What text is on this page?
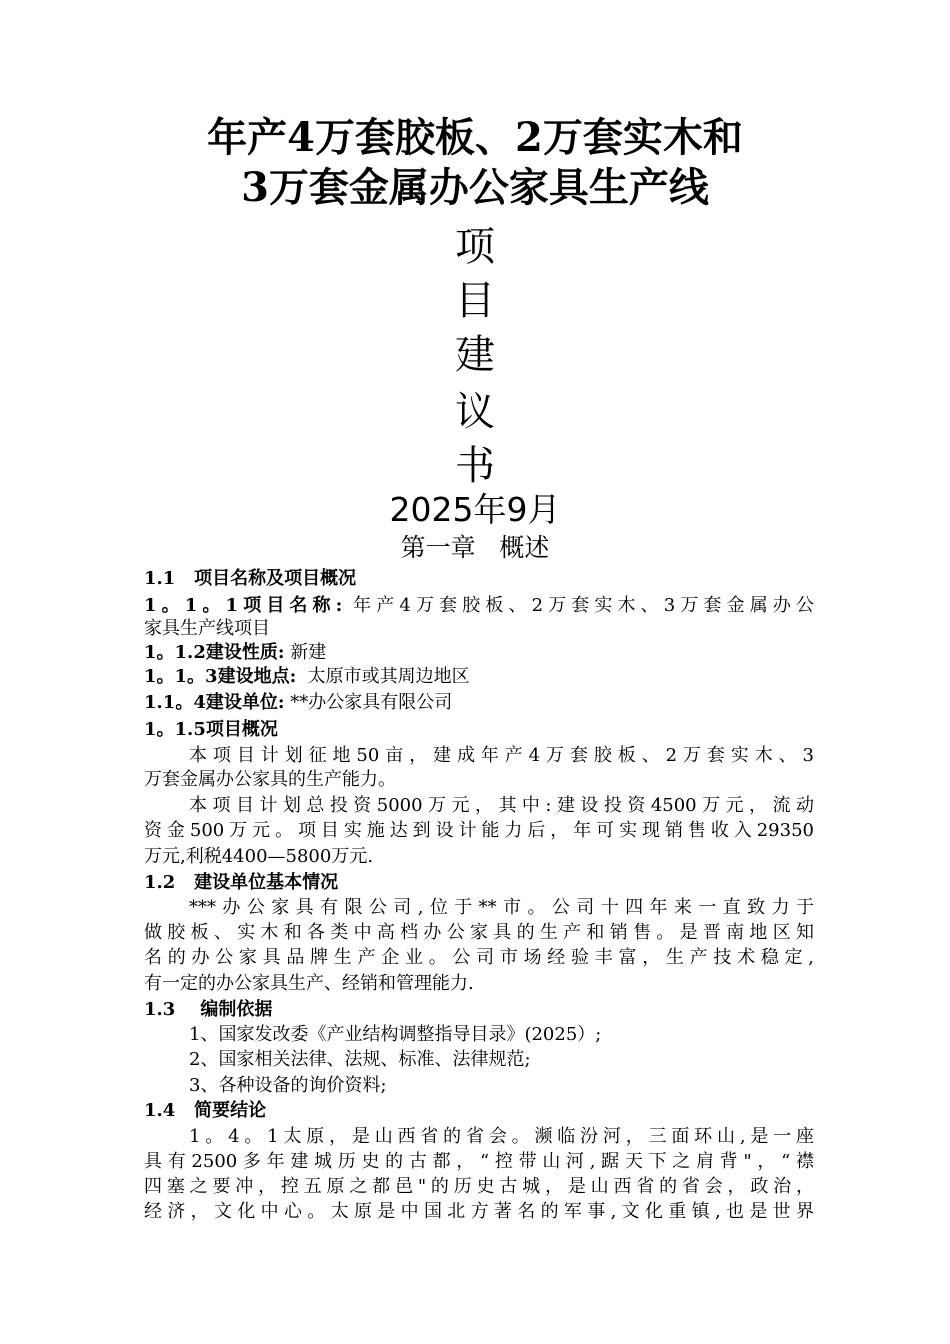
年产4万套胶板、2万套实木和
3万套金属办公家具生产线
项
目
建
议
书
2025年9月
第一章   概述
1.1   项目名称及项目概况
1。1。1项目名称: 年产4万套胶板、2万套实木、3万套金属办公
家具生产线项目
1。1.2建设性质: 新建
1。1。3建设地点:  太原市或其周边地区
1.1。4建设单位: **办公家具有限公司
1。1.5项目概况
本项目计划征地50亩，建成年产4万套胶板、2万套实木、3
万套金属办公家具的生产能力。
本项目计划总投资5000万元，其中:建设投资4500万元，流动
资金500万元。项目实施达到设计能力后，年可实现销售收入29350
万元,利税4400—5800万元.
1.2   建设单位基本情况
***办公家具有限公司,位于**市。公司十四年来一直致力于
做胶板、实木和各类中高档办公家具的生产和销售。是晋南地区知
名的办公家具品牌生产企业。公司市场经验丰富，生产技术稳定,
有一定的办公家具生产、经销和管理能力.
1.3    编制依据
1、国家发改委《产业结构调整指导目录》(2025）;
2、国家相关法律、法规、标准、法律规范;
3、各种设备的询价资料;
1.4   简要结论
1。4。1太原，是山西省的省会。濒临汾河，三面环山,是一座
具有2500多年建城历史的古都，“控带山河,踞天下之肩背"，“襟
四塞之要冲，控五原之都邑"的历史古城，是山西省的省会，政治，
经济，文化中心。太原是中国北方著名的军事,文化重镇,也是世界
